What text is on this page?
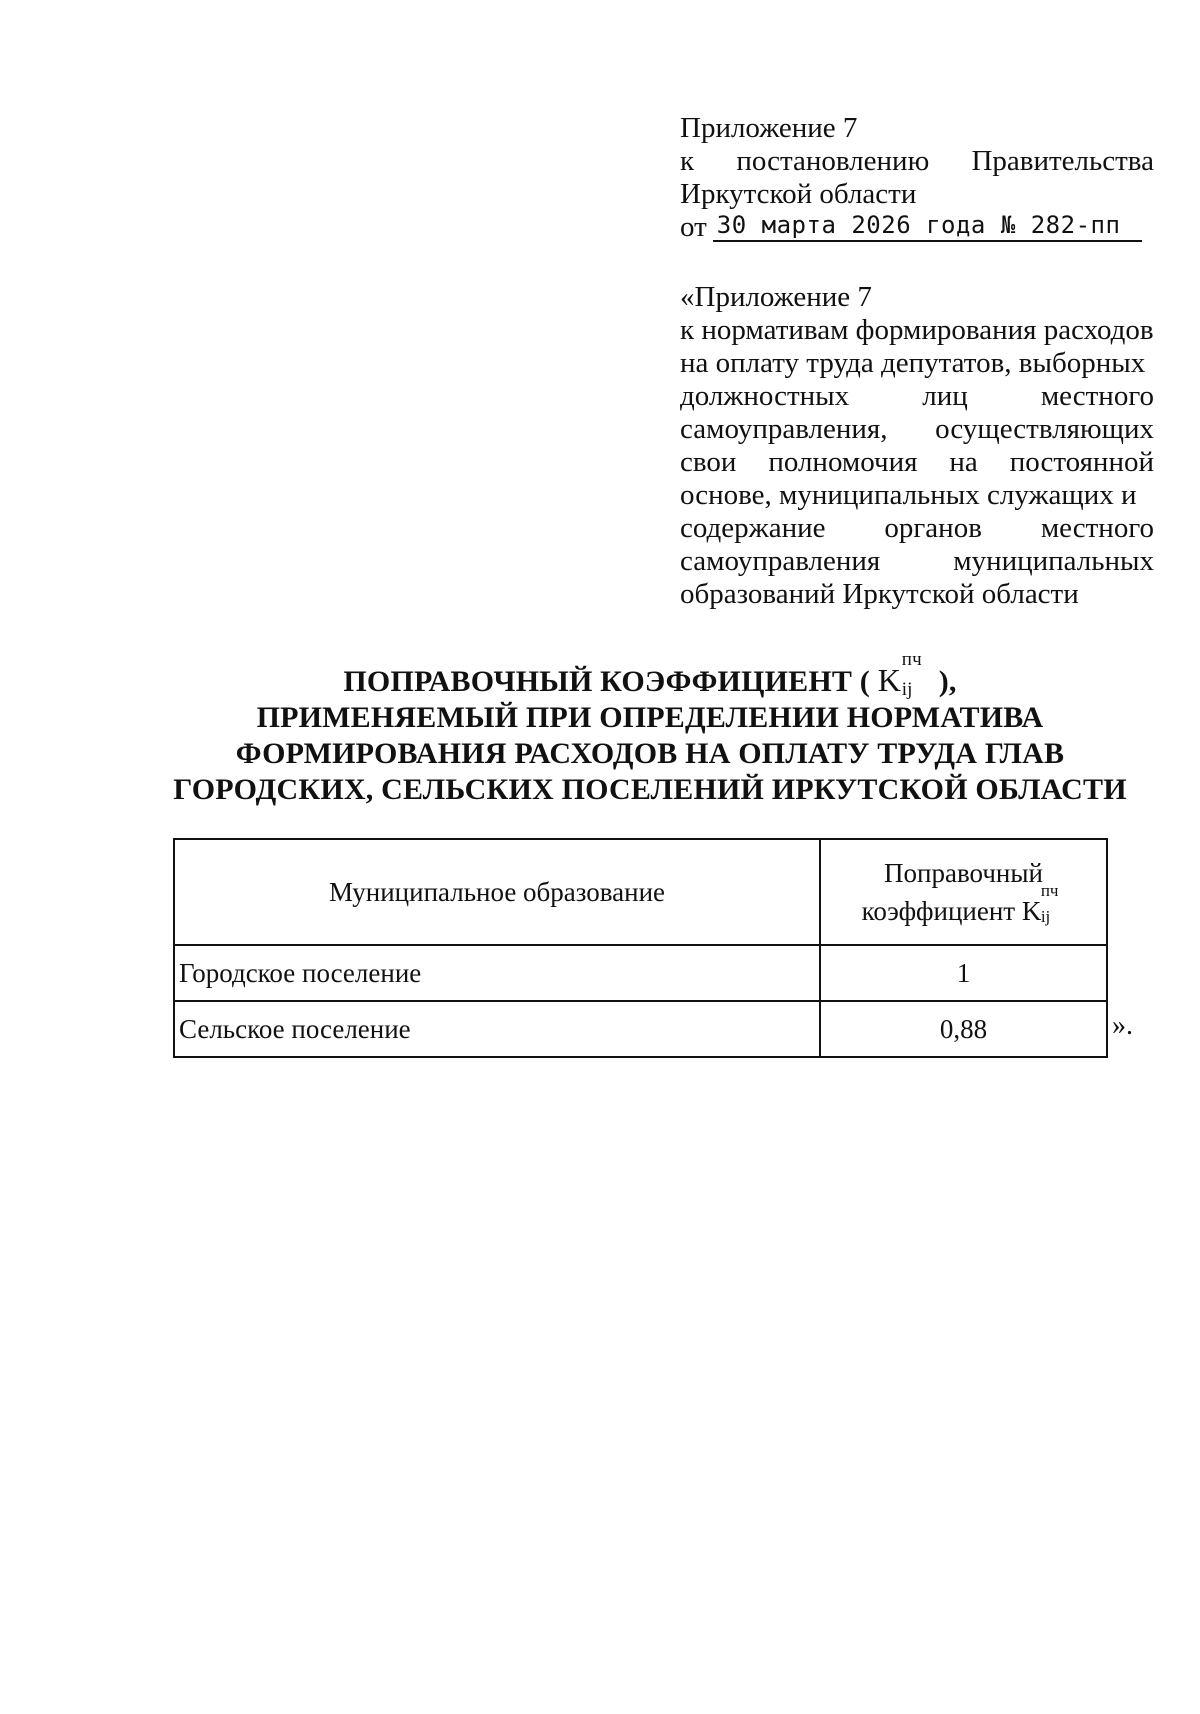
Приложение 7
к постановлению Правительства
Иркутской области
от 30 марта 2026 года № 282-пп
«Приложение 7
к нормативам формирования расходов
на оплату труда депутатов, выборных
должностных	лиц	местного
самоуправления, осуществляющих
свои полномочия на постоянной
основе, муниципальных служащих и
содержание органов местного
самоуправления	муниципальных
образований Иркутской области
ПОПРАВОЧНЫЙ КОЭФФИЦИЕНТ ( K
пч
ij ),
ПРИМЕНЯЕМЫЙ ПРИ ОПРЕДЕЛЕНИИ НОРМАТИВА
ФОРМИРОВАНИЯ РАСХОДОВ НА ОПЛАТУ ТРУДА ГЛАВ
ГОРОДСКИХ, СЕЛЬСКИХ ПОСЕЛЕНИЙ ИРКУТСКОЙ ОБЛАСТИ
Муниципальное образование	Поправочный
коэффициент K
пч
ij

Городское поселение	1
Сельское поселение	0,88	».
